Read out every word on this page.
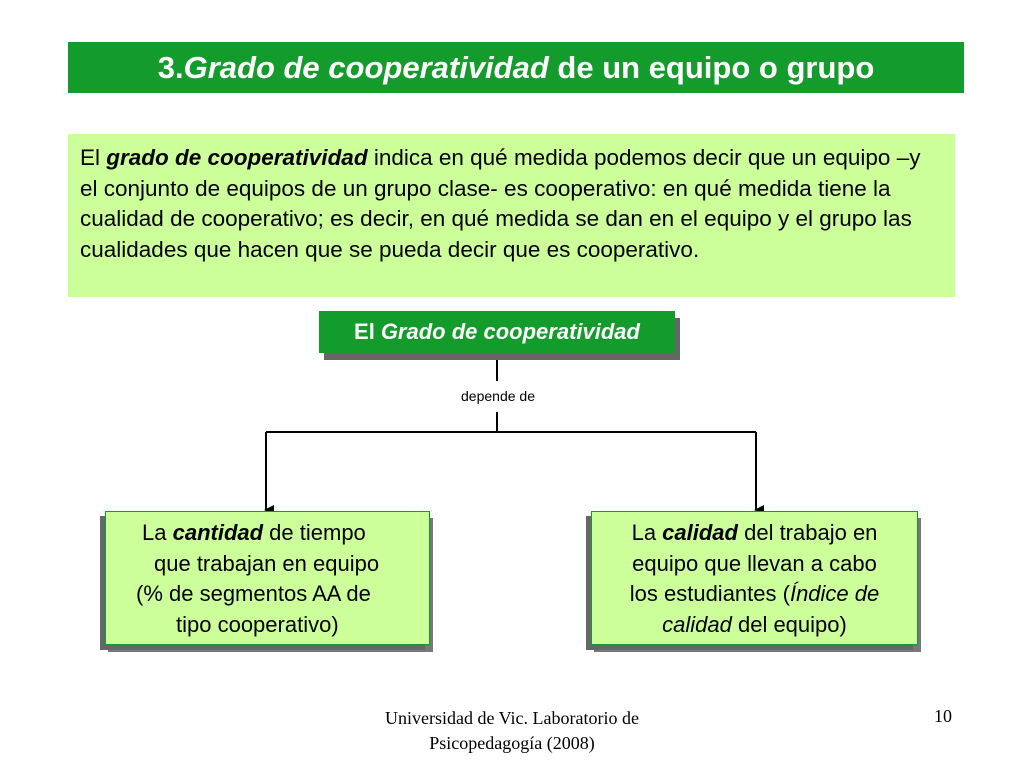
3. Grado de cooperatividad de un equipo o grupo
El grado de cooperatividad indica en qué medida podemos decir que un equipo –y el conjunto de equipos de un grupo clase- es cooperativo: en qué medida tiene la cualidad de cooperativo; es decir, en qué medida se dan en el equipo y el grupo las cualidades que hacen que se pueda decir que es cooperativo.
El Grado de cooperatividad
depende de
La cantidad de tiempo
que trabajan en equipo
(% de segmentos AA de
tipo cooperativo)
La calidad del trabajo en
equipo que llevan a cabo
los estudiantes (Índice de
calidad del equipo)
Universidad de Vic. Laboratorio de
Psicopedagogía (2008)
10
